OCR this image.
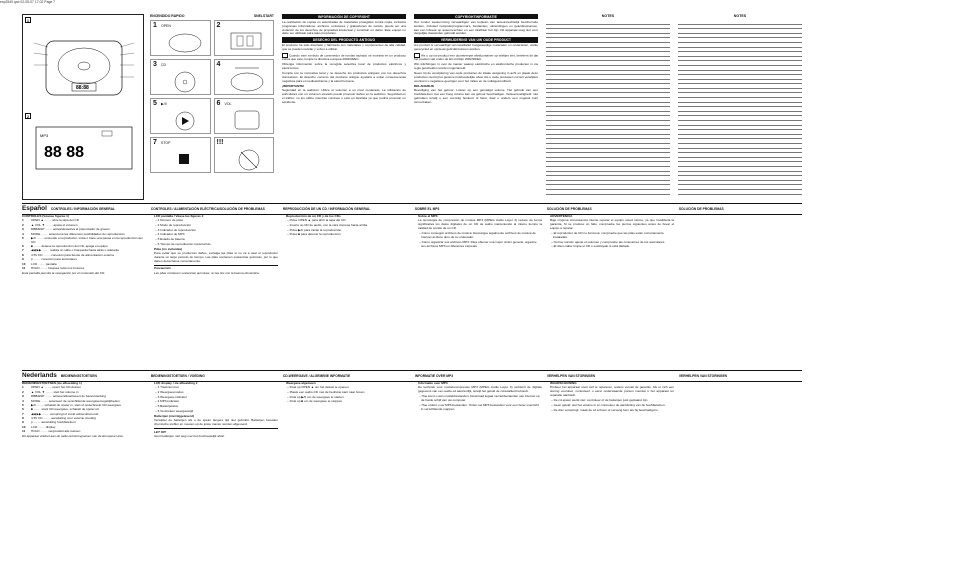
exp2540.qxd 02-05-07 17:02 Page 7
1
88:88
2
88 88
MP3
ENCENDIDO RÁPIDO	SNELSTART
1 OPEN	2
3 CD	4
5 ▶/II	6 VOL
7 STOP	!!!
INFORMACIÓN DE COPYRIGHT

La realización de copias no autorizadas de materiales protegidos contra copia, incluidos programas informáticos, archivos, emisiones y grabaciones de sonido, puede ser una violación de los derechos de propiedad intelectual y constituir un delito. Este equipo no debe ser utilizado para tales propósitos.

DESECHO DEL PRODUCTO ANTIGUO

El producto ha sido diseñado y fabricado con materiales y componentes de alta calidad, que se pueden reciclar y volver a utilizar.

Cuando este símbolo de contenedor de ruedas tachado se muestra en un producto indica que éste cumple la directiva europea 2002/96/EC.

Obtenga información sobre la recogida selectiva local de productos eléctricos y electrónicos.

Cumpla con la normativa local y no deseche los productos antiguos con los desechos domésticos. El desecho correcto del producto antiguo ayudará a evitar consecuencias negativas para el medioambiente y la salud humana.

¡IMPORTANTE!

Seguridad en la audición: Utilice el volumen a un nivel moderado. La utilización de auriculares con un volumen elevado puede provocar daños en la audición. Seguridad en el tráfico: no los utilice mientras conduce o esté en bicicleta ya que podría provocar un accidente.

COPYRIGHTINFORMATIE

Het zonder toestemming vervaardigen van kopieën van auteursrechtelijk beschermde werken, inclusief computerprogramma's, bestanden, uitzendingen en geluidsopnamen, kan een inbreuk op auteursrechten en een strafbaar feit zijn. Dit apparaat mag niet voor dergelijke doeleinden gebruikt worden.

VERWIJDERING VAN UW OUDE PRODUCT

Uw product is vervaardigd van kwalitatief hoogwaardige materialen en onderdelen, welke gerecycled en opnieuw gebruikt kunnen worden.

Als u op uw product een doorstreepte afvalcontainer op wieltjes ziet, betekent dit dat het product valt onder de EU-richtlijn 2002/96/EC.

Win inlichtingen in over de manier waarop elektrische en elektronische producten in uw regio gescheiden worden ingezameld.

Neem bij de verwijdering van oude producten de lokale wetgeving in acht en plaats deze producten niet bij het gewone huishoudelijke afval. Als u oude producten correct verwijdert voorkomt u negatieve gevolgen voor het milieu en de volksgezondheid.

BELANGRIJK

Beveiliging van het gehoor: Luister op een gematigd volume. Het gebruik van een hoofdtelefoon met een hoog volume kan uw gehoor beschadigen. Verkeersveiligheid: niet gebruiken terwijl u een voertuig bestuurt of fietst, daar u anders een ongeluk kunt veroorzaken.

NOTES	NOTES
Español CONTROLES / INFORMACIÓN GENERAL	CONTROLES / ALIMENTACIÓN ELÉCTRICA/SOLUCIÓN DE PROBLEMAS	REPRODUCCIÓN DE UN CD / INFORMACIÓN GENERAL	SOBRE EL MP3	SOLUCIÓN DE PROBLEMAS	SOLUCIÓN DE PROBLEMAS
CONTROLES (Véanse figuras 1)
1	OPEN ▲ ........ abre la tapa del CD
2	▲ VOL ▼ ........ ajusta el volumen
3	DBB/ESP ........ activa/desactiva el potenciador de graves
4	MODE ........ selecciona las diferentes posibilidades de reproducción
5	▶/II ........ enciende el reproductor, inicia o hace una pausa en la reproducción del CD
6	■ ........ detiene la reproducción del CD, apaga el equipo
7	◀◀ ▶▶ ........ realiza un salto o búsqueda hacia atrás o adelante
8	4.5V DC ........ conexión para fuente de alimentación externa
9	p ........ conexión para auriculares
10	LCD ........ pantalla
11	HOLD ........ bloquea todos los botones

Esta pantalla permite la navegación por el contenido del CD.

LCD pantalla / Véase las figuras 2
– 1 Número de pista
– 2 Modo de reproducción
– 3 Indicador de reproducción
– 4 Indicador de MP3
– 5 Estado de batería
– 6 Tiempo de reproducción transcurrido
Pilas (no incluidas)

Para evitar que se produzcan daños, extraiga las pilas si no va a usar el reproductor durante un largo periodo de tiempo. Las pilas contienen sustancias químicas, por lo que deben desecharse correctamente.

Precaución

Las pilas contienen sustancias químicas; no las tire con la basura doméstica.

Reproducción de un CD y de los CDs
– Pulse OPEN ▲ para abrir la tapa del CD.
– Inserte un CD de audio, con la cara impresa hacia arriba.
– Pulse ▶/II para iniciar la reproducción.
– Pulse ■ para detener la reproducción.
Sobre el MP3

La tecnología de compresión de música MP3 (MPEG Audio Layer 3) reduce de forma significativa los datos digitales de un CD de audio manteniendo al mismo tiempo la calidad de sonido de un CD.

– Cómo conseguir archivos de música: Descargue legalmente archivos de música de Internet al disco duro de su ordenador.
– Cómo organizar sus archivos MP3: Para obtener una mejor visión general, organice sus archivos MP3 en diferentes carpetas.
ADVERTENCIA

Bajo ninguna circunstancia intente reparar el equipo usted mismo, ya que invalidaría la garantía. Si se produce un fallo, compruebe los puntos siguientes antes de llevar el equipo a reparar.

– El reproductor de CD no funciona: compruebe que las pilas estén correctamente instaladas.
– No hay sonido: ajuste el volumen y compruebe las conexiones de los auriculares.
– El disco salta: limpie el CD o sustitúyalo si está dañado.
Nederlands BEDIENINGSTOETSEN	BEDIENINGSTOETSEN / VOEDING	CD-WEERGAVE / ALGEMENE INFORMATIE	INFORMATIE OVER MP3	VERHELPEN VAN STORINGEN	VERHELPEN VAN STORINGEN
BEDIENINGSTOETSEN (zie afbeelding 1)
1	OPEN ▲ ........ opent het CD-deksel
2	▲ VOL ▼ ........ stelt het volume in
3	DBB/ESP ........ activeert/deactiveert de basversterking
4	MODE ........ selecteert de verschillende weergavemogelijkheden
5	▶/II ........ schakelt de speler in, start of onderbreekt CD-weergave
6	■ ........ stopt CD-weergave, schakelt de speler uit
7	◀◀ ▶▶ ........ verspringt of zoekt achteruit/vooruit
8	4.5V DC ........ aansluiting voor externe voeding
9	p ........ aansluiting hoofdtelefoon
10	LCD ........ display
11	HOLD ........ vergrendelt alle toetsen

Dit apparaat voldoet aan de radio-ontstoringseisen van de Europese Unie.

LCD display / zie afbeelding 2
– 1 Tracknummer
– 2 Weergavemodus
– 3 Weergave-indicator
– 4 MP3-indicator
– 5 Batterijstatus
– 6 Verstreken weergavetijd
Batterijen (niet bijgeleverd)

Verwijder de batterijen als u de speler langere tijd niet gebruikt. Batterijen bevatten chemische stoffen en moeten op de juiste manier worden afgevoerd.

LET OP!

Gooi batterijen niet weg met het huishoudelijk afval.

Weergave algemeen
– Druk op OPEN ▲ om het deksel te openen.
– Plaats een audio-CD met de bedrukte kant naar boven.
– Druk op ▶/II om de weergave te starten.
– Druk op ■ om de weergave te stoppen.
Informatie over MP3

De techniek voor muziekcompressie MP3 (MPEG Audio Layer 3) verkleint de digitale gegevens van een audio-cd aanzienlijk, terwijl het geluid de cd-kwaliteit behoudt.

– Hoe komt u aan muziekbestanden: Download legaal muziekbestanden van internet op de harde schijf van uw computer.
– Hoe ordent u uw MP3-bestanden: Orden uw MP3-bestanden voor een beter overzicht in verschillende mappen.
WAARSCHUWING

Probeer het apparaat nooit zelf te repareren, anders vervalt de garantie. Als er zich een storing voordoet, controleert u eerst onderstaande punten voordat u het apparaat ter reparatie aanbiedt.

– De cd-speler werkt niet: controleer of de batterijen juist geplaatst zijn.
– Geen geluid: stel het volume in en controleer de aansluiting van de hoofdtelefoon.
– De disc verspringt: maak de cd schoon of vervang hem als hij beschadigd is.
